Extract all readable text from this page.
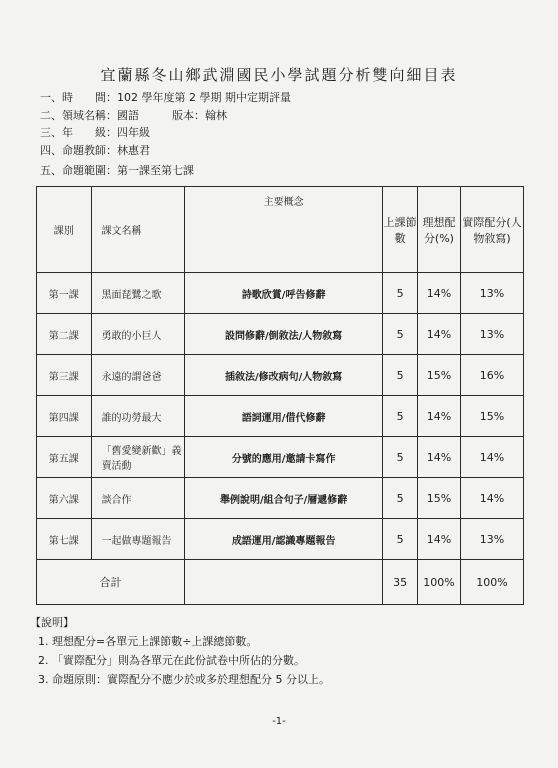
宜蘭縣冬山鄉武淵國民小學試題分析雙向細目表
一、時　　間：102 學年度第 2 學期 期中定期評量
二、領域名稱：國語　　　版本：翰林
三、年　　級：四年級
四、命題教師：林惠君
五、命題範圍：第一課至第七課
課別	課文名稱	主要概念	上課節數	理想配分(%)	實際配分(人物敘寫)
第一課	黑面琵鷺之歌	詩歌欣賞/呼告修辭	5	14%	13%
第二課	勇敢的小巨人	設問修辭/倒敘法/人物敘寫	5	14%	13%
第三課	永遠的謂爸爸	插敘法/修改病句/人物敘寫	5	15%	16%
第四課	誰的功勞最大	語詞運用/借代修辭	5	14%	15%
第五課	「舊愛變新歡」義賣活動	分號的應用/邀請卡寫作	5	14%	14%
第六課	談合作	舉例說明/組合句子/層遞修辭	5	15%	14%
第七課	一起做專題報告	成語運用/認識專題報告	5	14%	13%
合計			35	100%	100%
【說明】
1. 理想配分=各單元上課節數÷上課總節數。
2. 「實際配分」則為各單元在此份試卷中所佔的分數。
3. 命題原則：實際配分不應少於或多於理想配分 5 分以上。
-1-
